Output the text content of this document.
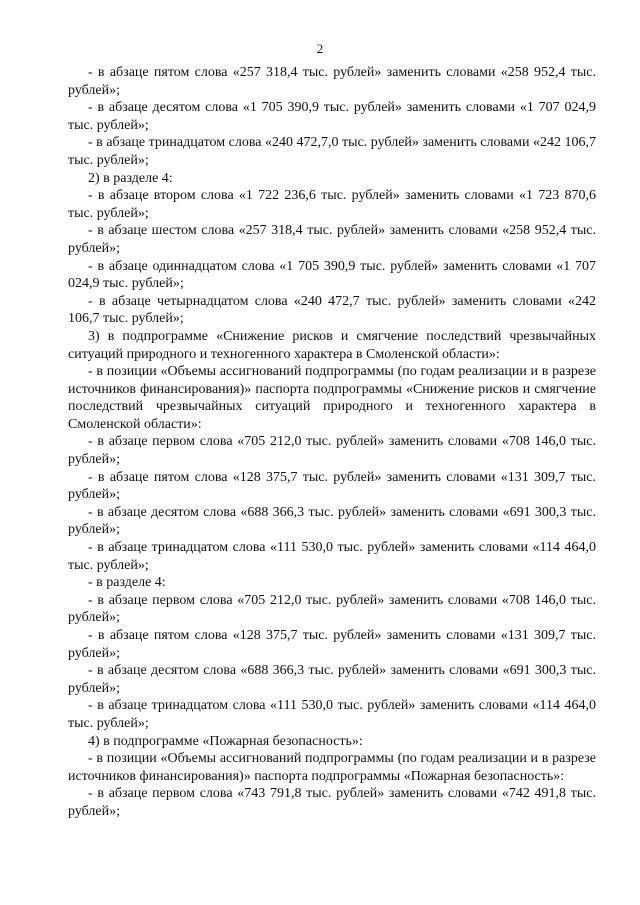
2

- в абзаце пятом слова «257 318,4 тыс. рублей» заменить словами «258 952,4 тыс. рублей»;

- в абзаце десятом слова «1 705 390,9 тыс. рублей» заменить словами «1 707 024,9 тыс. рублей»;

- в абзаце тринадцатом слова «240 472,7,0 тыс. рублей» заменить словами «242 106,7 тыс. рублей»;

2) в разделе 4:

- в абзаце втором слова «1 722 236,6 тыс. рублей» заменить словами «1 723 870,6 тыс. рублей»;

- в абзаце шестом слова «257 318,4 тыс. рублей» заменить словами «258 952,4 тыс. рублей»;

- в абзаце одиннадцатом слова «1 705 390,9 тыс. рублей» заменить словами «1 707 024,9 тыс. рублей»;

- в абзаце четырнадцатом слова «240 472,7 тыс. рублей» заменить словами «242 106,7 тыс. рублей»;

3) в подпрограмме «Снижение рисков и смягчение последствий чрезвычайных ситуаций природного и техногенного характера в Смоленской области»:

- в позиции «Объемы ассигнований подпрограммы (по годам реализации и в разрезе источников финансирования)» паспорта подпрограммы «Снижение рисков и смягчение последствий чрезвычайных ситуаций природного и техногенного характера в Смоленской области»:

- в абзаце первом слова «705 212,0 тыс. рублей» заменить словами «708 146,0 тыс. рублей»;

- в абзаце пятом слова «128 375,7 тыс. рублей» заменить словами «131 309,7 тыс. рублей»;

- в абзаце десятом слова «688 366,3 тыс. рублей» заменить словами «691 300,3 тыс. рублей»;

- в абзаце тринадцатом слова «111 530,0 тыс. рублей» заменить словами «114 464,0 тыс. рублей»;

- в разделе 4:

- в абзаце первом слова «705 212,0 тыс. рублей» заменить словами «708 146,0 тыс. рублей»;

- в абзаце пятом слова «128 375,7 тыс. рублей» заменить словами «131 309,7 тыс. рублей»;

- в абзаце десятом слова «688 366,3 тыс. рублей» заменить словами «691 300,3 тыс. рублей»;

- в абзаце тринадцатом слова «111 530,0 тыс. рублей» заменить словами «114 464,0 тыс. рублей»;

4) в подпрограмме «Пожарная безопасность»:

- в позиции «Объемы ассигнований подпрограммы (по годам реализации и в разрезе источников финансирования)» паспорта подпрограммы «Пожарная безопасность»:

- в абзаце первом слова «743 791,8 тыс. рублей» заменить словами «742 491,8 тыс. рублей»;
